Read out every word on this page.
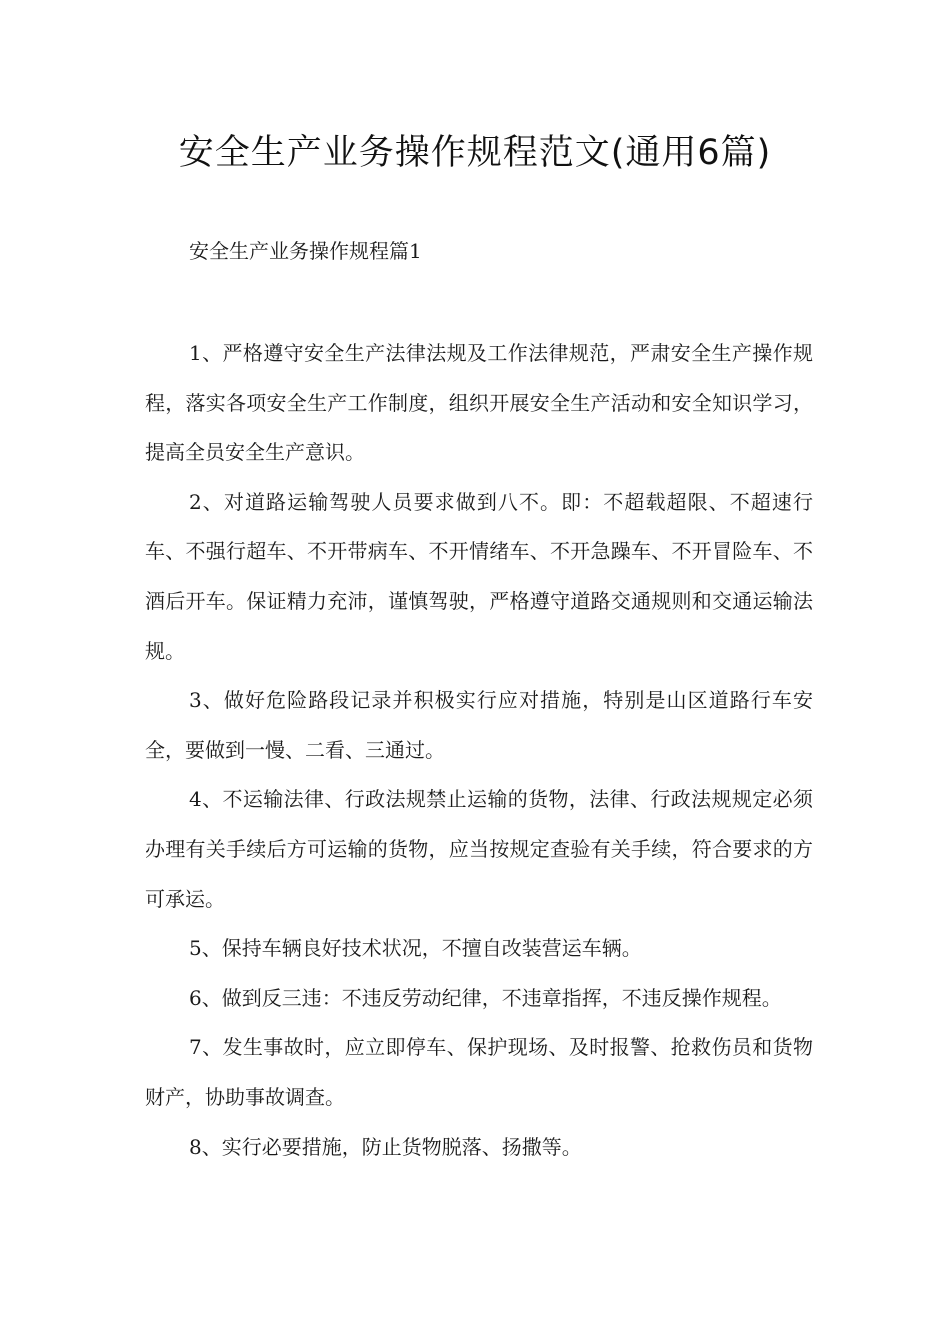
安全生产业务操作规程范文(通用6篇)
安全生产业务操作规程篇1

1、严格遵守安全生产法律法规及工作法律规范，严肃安全生产操作规程，落实各项安全生产工作制度，组织开展安全生产活动和安全知识学习，提高全员安全生产意识。

2、对道路运输驾驶人员要求做到八不。即：不超载超限、不超速行车、不强行超车、不开带病车、不开情绪车、不开急躁车、不开冒险车、不酒后开车。保证精力充沛，谨慎驾驶，严格遵守道路交通规则和交通运输法规。

3、做好危险路段记录并积极实行应对措施，特别是山区道路行车安全，要做到一慢、二看、三通过。

4、不运输法律、行政法规禁止运输的货物，法律、行政法规规定必须办理有关手续后方可运输的货物，应当按规定查验有关手续，符合要求的方可承运。

5、保持车辆良好技术状况，不擅自改装营运车辆。

6、做到反三违：不违反劳动纪律，不违章指挥，不违反操作规程。

7、发生事故时，应立即停车、保护现场、及时报警、抢救伤员和货物财产，协助事故调查。

8、实行必要措施，防止货物脱落、扬撒等。
